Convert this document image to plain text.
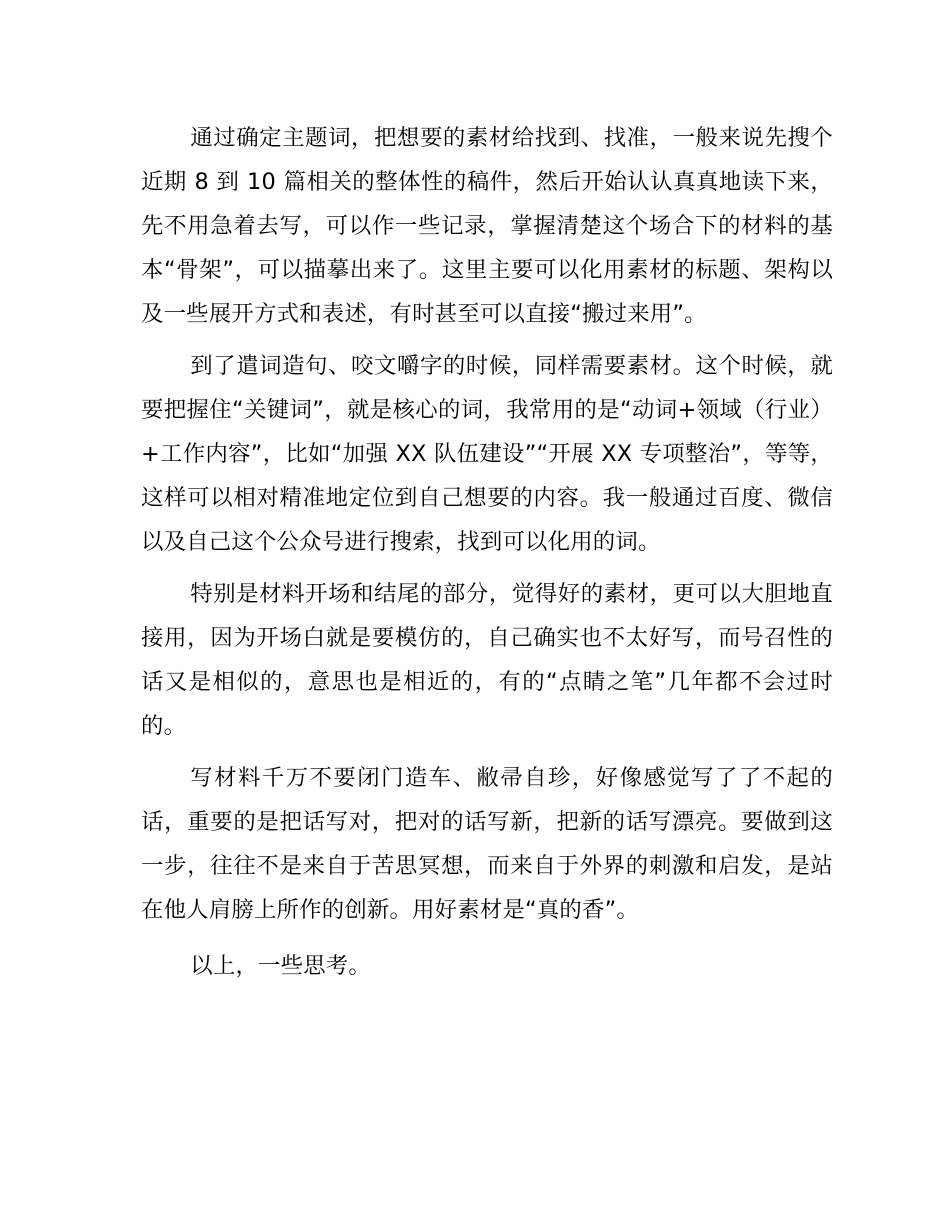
通过确定主题词，把想要的素材给找到、找准，一般来说先搜个近期 8 到 10 篇相关的整体性的稿件，然后开始认认真真地读下来，先不用急着去写，可以作一些记录，掌握清楚这个场合下的材料的基本“骨架”，可以描摹出来了。这里主要可以化用素材的标题、架构以及一些展开方式和表述，有时甚至可以直接“搬过来用”。

到了遣词造句、咬文嚼字的时候，同样需要素材。这个时候，就要把握住“关键词”，就是核心的词，我常用的是“动词+领域（行业）+工作内容”，比如“加强 XX 队伍建设”“开展 XX 专项整治”，等等，这样可以相对精准地定位到自己想要的内容。我一般通过百度、微信以及自己这个公众号进行搜索，找到可以化用的词。

特别是材料开场和结尾的部分，觉得好的素材，更可以大胆地直接用，因为开场白就是要模仿的，自己确实也不太好写，而号召性的话又是相似的，意思也是相近的，有的“点睛之笔”几年都不会过时的。

写材料千万不要闭门造车、敝帚自珍，好像感觉写了了不起的话，重要的是把话写对，把对的话写新，把新的话写漂亮。要做到这一步，往往不是来自于苦思冥想，而来自于外界的刺激和启发，是站在他人肩膀上所作的创新。用好素材是“真的香”。

以上，一些思考。
